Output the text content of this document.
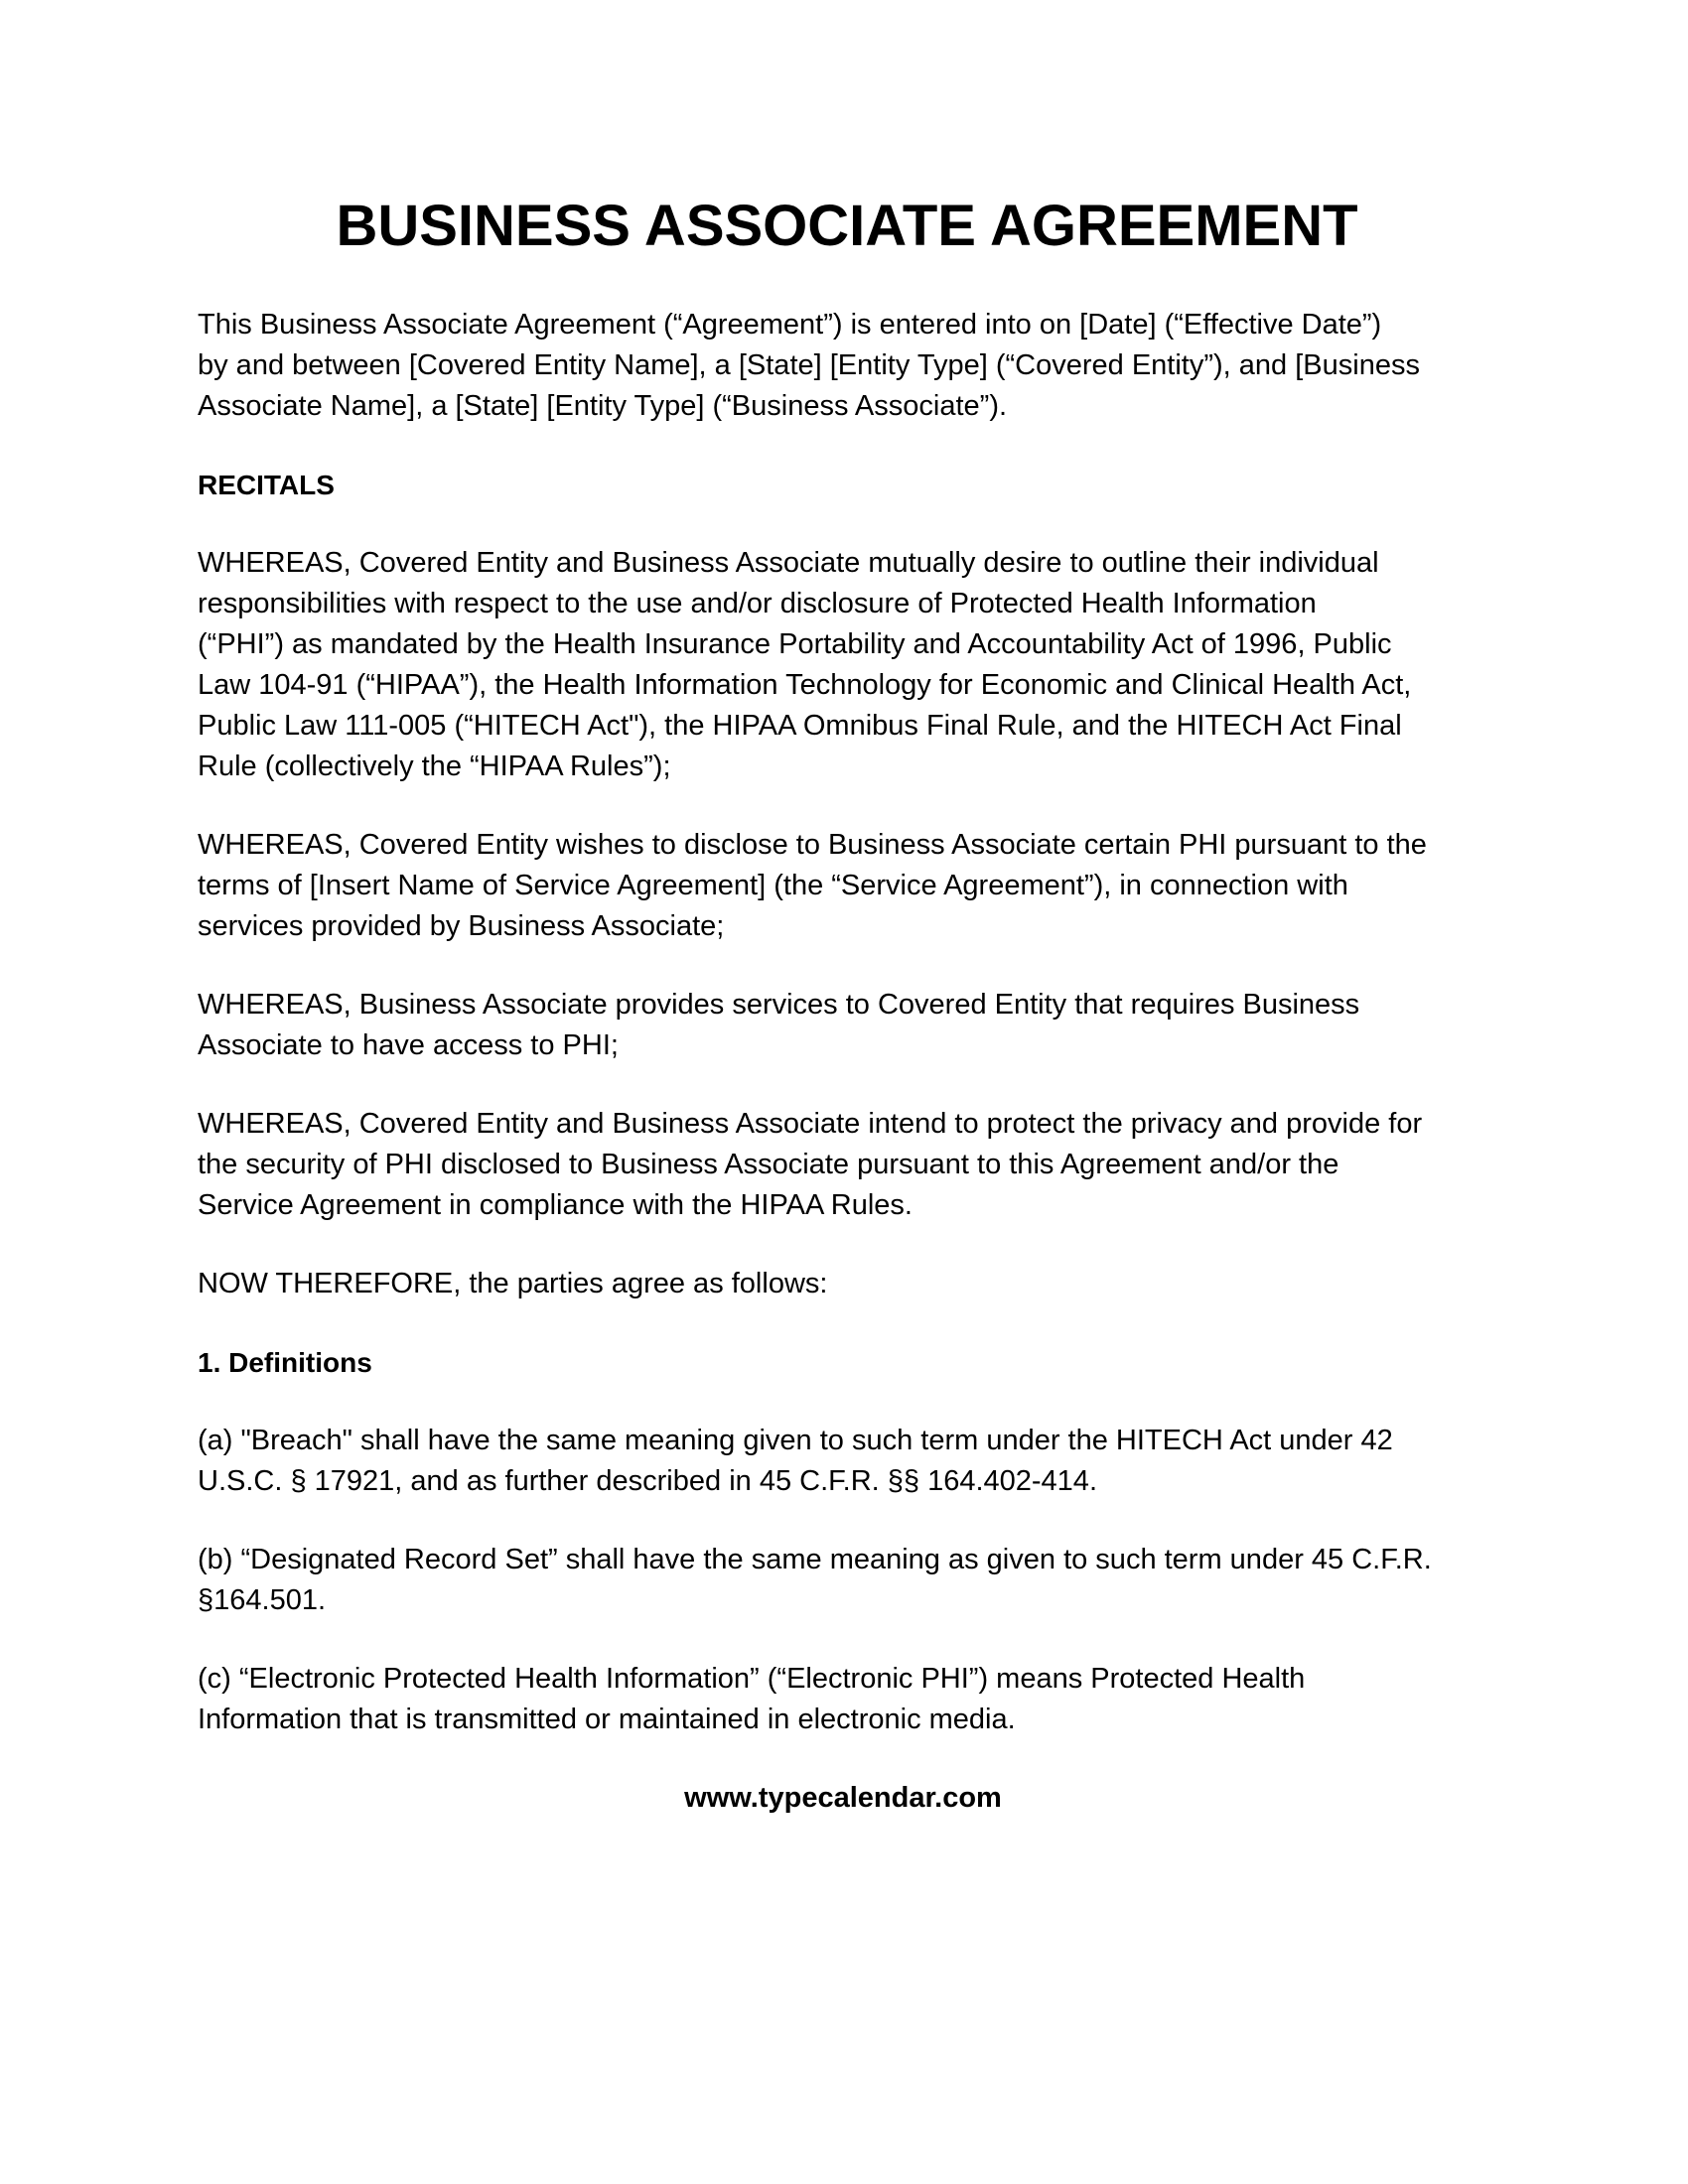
BUSINESS ASSOCIATE AGREEMENT

This Business Associate Agreement (“Agreement”) is entered into on [Date] (“Effective Date”)
by and between [Covered Entity Name], a [State] [Entity Type] (“Covered Entity”), and [Business
Associate Name], a [State] [Entity Type] (“Business Associate”).

RECITALS

WHEREAS, Covered Entity and Business Associate mutually desire to outline their individual
responsibilities with respect to the use and/or disclosure of Protected Health Information
(“PHI”) as mandated by the Health Insurance Portability and Accountability Act of 1996, Public
Law 104-91 (“HIPAA”), the Health Information Technology for Economic and Clinical Health Act,
Public Law 111-005 (“HITECH Act"), the HIPAA Omnibus Final Rule, and the HITECH Act Final
Rule (collectively the “HIPAA Rules”);

WHEREAS, Covered Entity wishes to disclose to Business Associate certain PHI pursuant to the
terms of [Insert Name of Service Agreement] (the “Service Agreement”), in connection with
services provided by Business Associate;

WHEREAS, Business Associate provides services to Covered Entity that requires Business
Associate to have access to PHI;

WHEREAS, Covered Entity and Business Associate intend to protect the privacy and provide for
the security of PHI disclosed to Business Associate pursuant to this Agreement and/or the
Service Agreement in compliance with the HIPAA Rules.

NOW THEREFORE, the parties agree as follows:

1. Definitions

(a) "Breach" shall have the same meaning given to such term under the HITECH Act under 42
U.S.C. § 17921, and as further described in 45 C.F.R. §§ 164.402-414.

(b) “Designated Record Set” shall have the same meaning as given to such term under 45 C.F.R.
§164.501.

(c) “Electronic Protected Health Information” (“Electronic PHI”) means Protected Health
Information that is transmitted or maintained in electronic media.

www.typecalendar.com
